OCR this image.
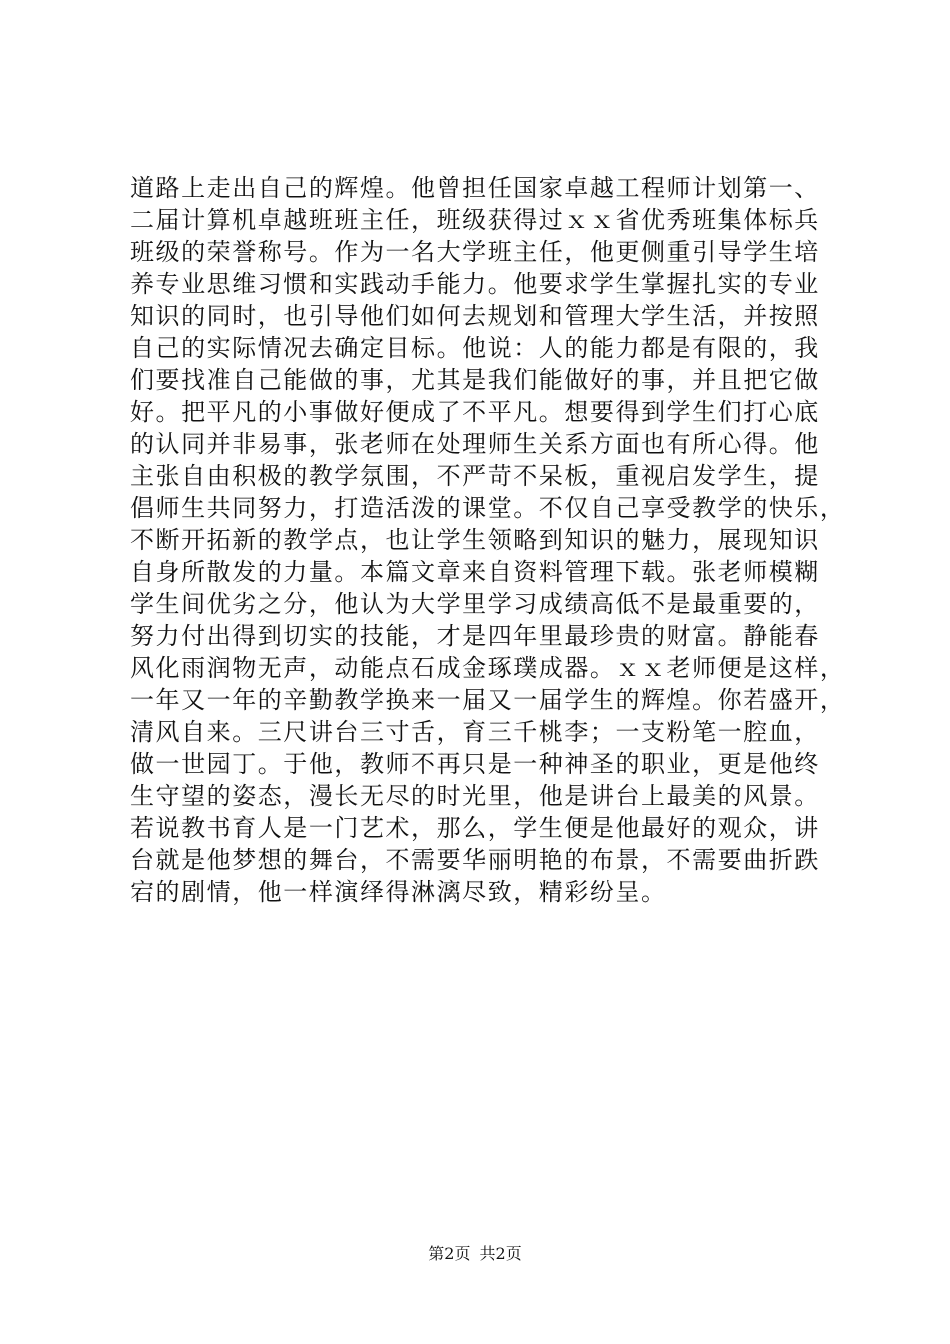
道路上走出自己的辉煌。他曾担任国家卓越工程师计划第一、
二届计算机卓越班班主任，班级获得过ｘｘ省优秀班集体标兵
班级的荣誉称号。作为一名大学班主任，他更侧重引导学生培
养专业思维习惯和实践动手能力。他要求学生掌握扎实的专业
知识的同时，也引导他们如何去规划和管理大学生活，并按照
自己的实际情况去确定目标。他说：人的能力都是有限的，我
们要找准自己能做的事，尤其是我们能做好的事，并且把它做
好。把平凡的小事做好便成了不平凡。想要得到学生们打心底
的认同并非易事，张老师在处理师生关系方面也有所心得。他
主张自由积极的教学氛围，不严苛不呆板，重视启发学生，提
倡师生共同努力，打造活泼的课堂。不仅自己享受教学的快乐，
不断开拓新的教学点，也让学生领略到知识的魅力，展现知识
自身所散发的力量。本篇文章来自资料管理下载。张老师模糊
学生间优劣之分，他认为大学里学习成绩高低不是最重要的，
努力付出得到切实的技能，才是四年里最珍贵的财富。静能春
风化雨润物无声，动能点石成金琢璞成器。ｘｘ老师便是这样，
一年又一年的辛勤教学换来一届又一届学生的辉煌。你若盛开，
清风自来。三尺讲台三寸舌，育三千桃李；一支粉笔一腔血，
做一世园丁。于他，教师不再只是一种神圣的职业，更是他终
生守望的姿态，漫长无尽的时光里，他是讲台上最美的风景。
若说教书育人是一门艺术，那么，学生便是他最好的观众，讲
台就是他梦想的舞台，不需要华丽明艳的布景，不需要曲折跌
宕的剧情，他一样演绎得淋漓尽致，精彩纷呈。
第2页 共2页
